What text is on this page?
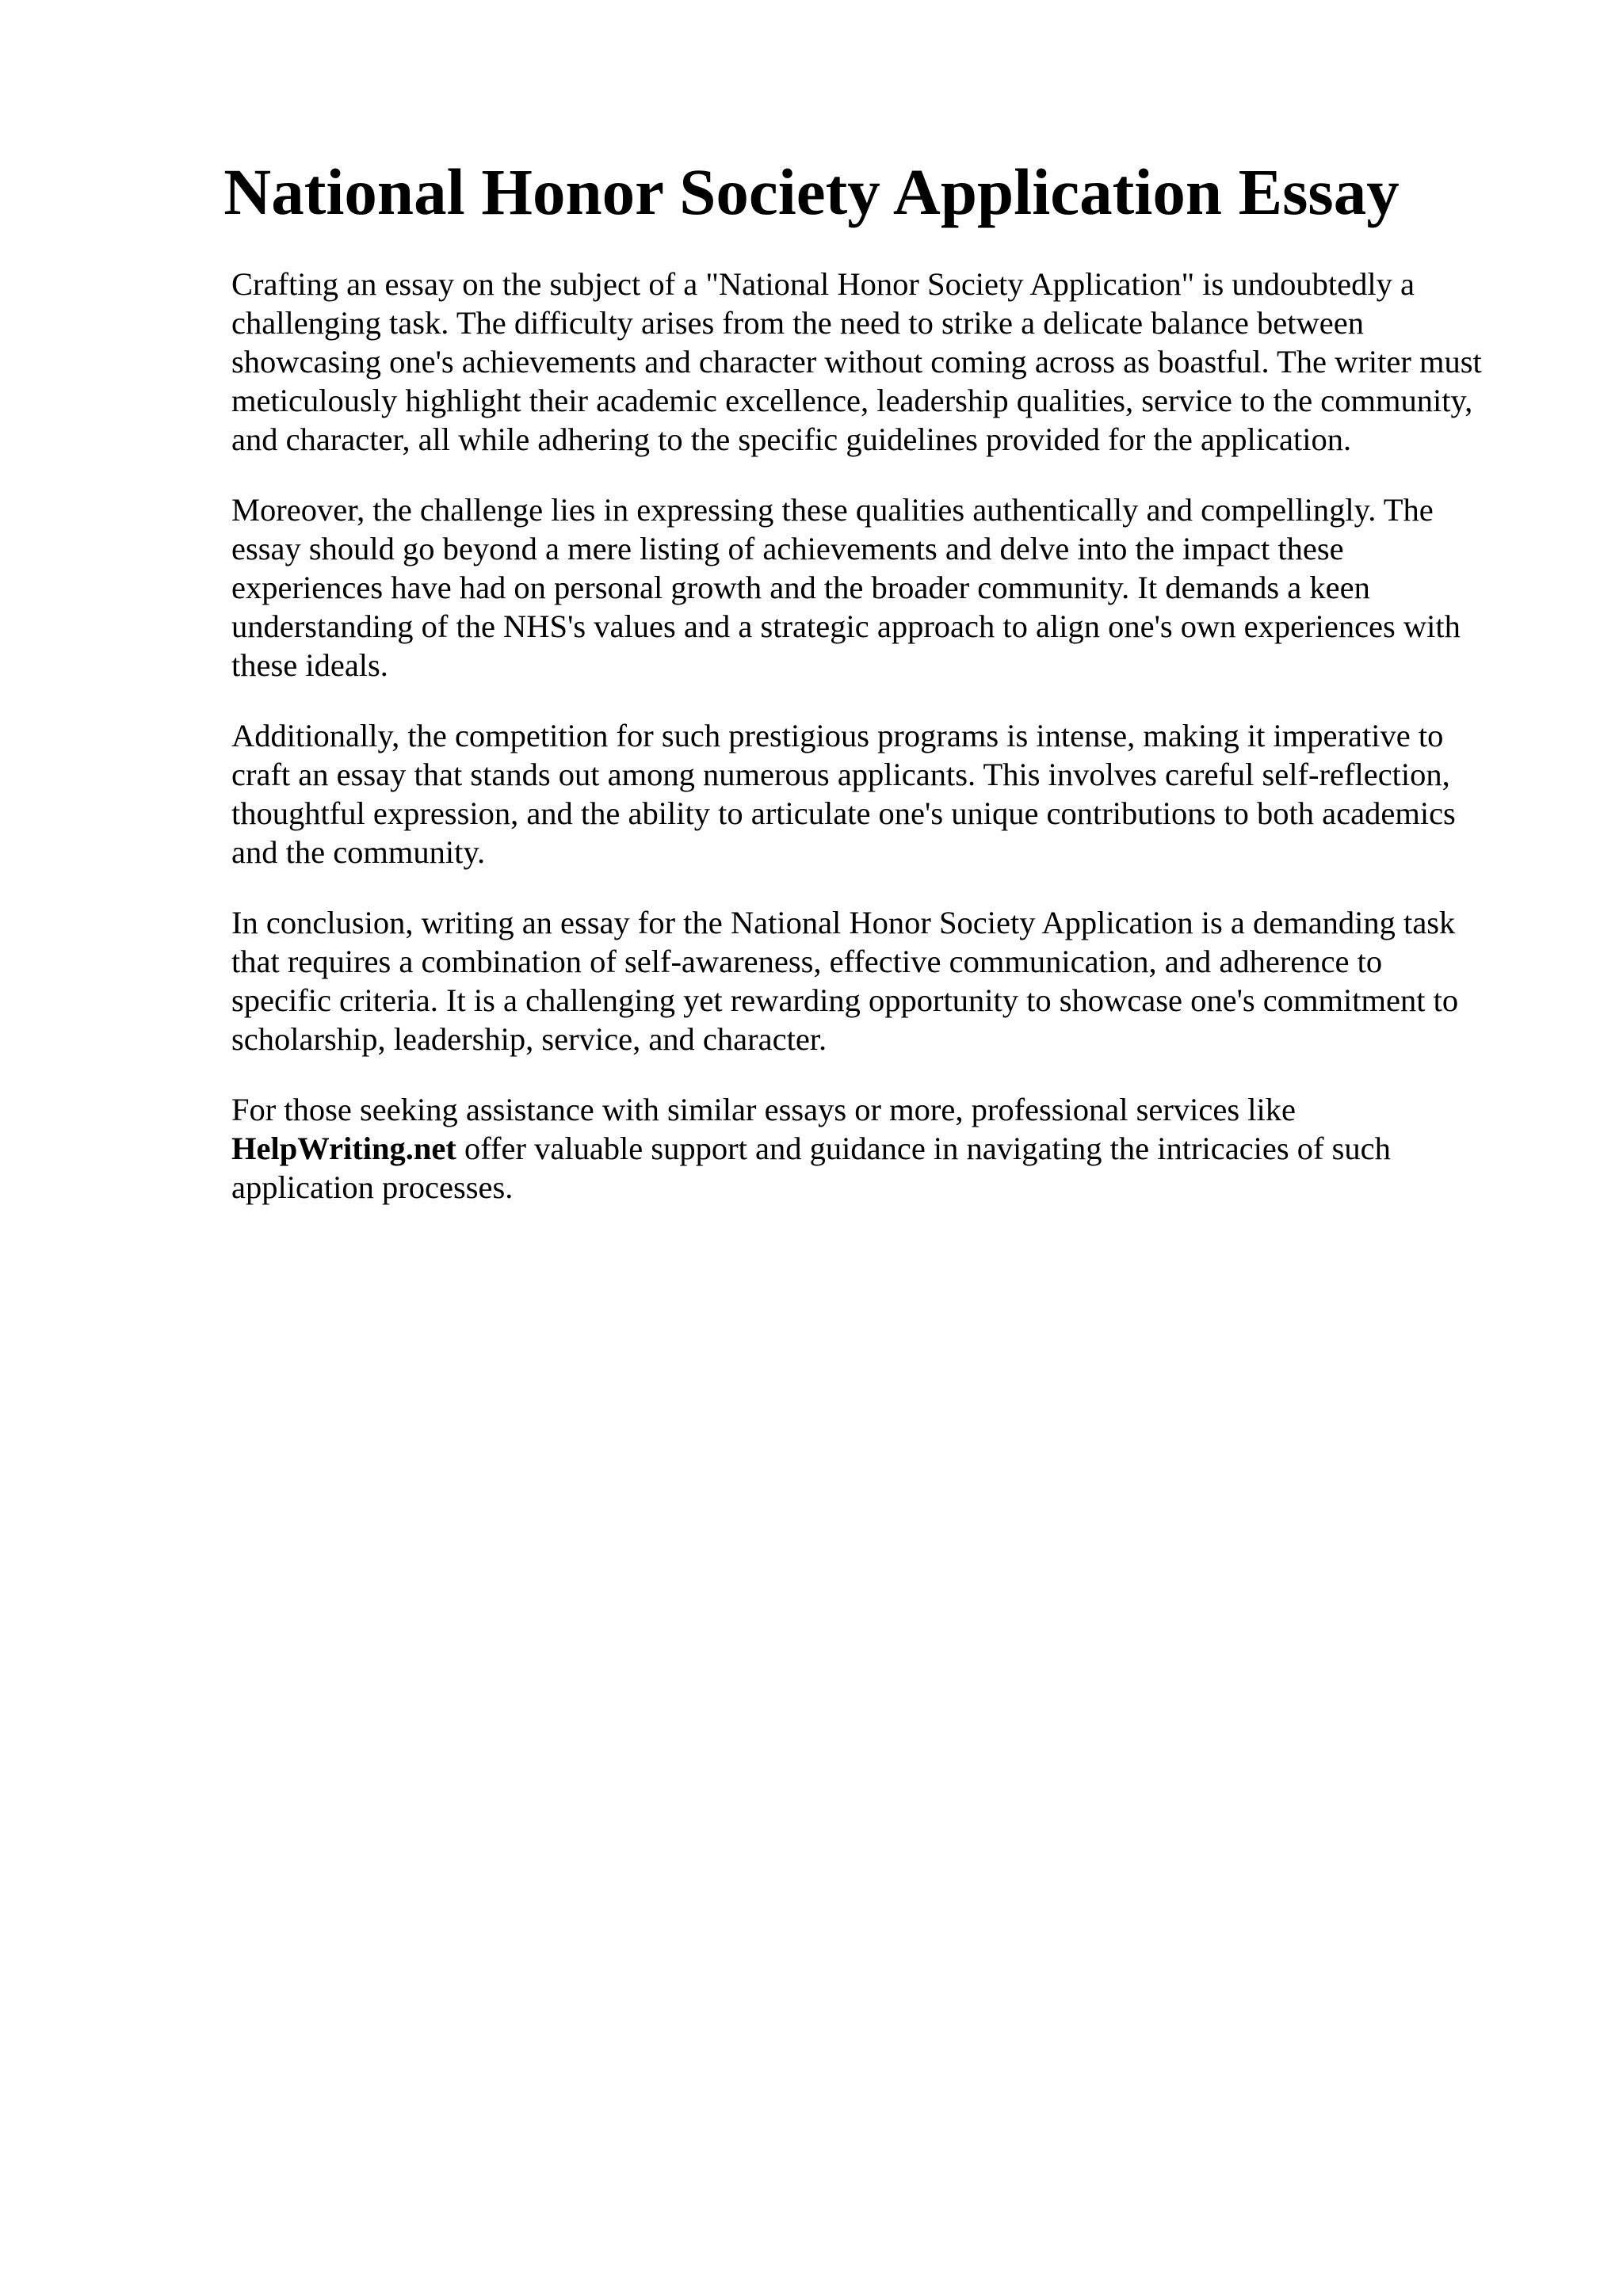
National Honor Society Application Essay

Crafting an essay on the subject of a "National Honor Society Application" is undoubtedly a
challenging task. The difficulty arises from the need to strike a delicate balance between
showcasing one's achievements and character without coming across as boastful. The writer must
meticulously highlight their academic excellence, leadership qualities, service to the community,
and character, all while adhering to the specific guidelines provided for the application.

Moreover, the challenge lies in expressing these qualities authentically and compellingly. The
essay should go beyond a mere listing of achievements and delve into the impact these
experiences have had on personal growth and the broader community. It demands a keen
understanding of the NHS's values and a strategic approach to align one's own experiences with
these ideals.

Additionally, the competition for such prestigious programs is intense, making it imperative to
craft an essay that stands out among numerous applicants. This involves careful self-reflection,
thoughtful expression, and the ability to articulate one's unique contributions to both academics
and the community.

In conclusion, writing an essay for the National Honor Society Application is a demanding task
that requires a combination of self-awareness, effective communication, and adherence to
specific criteria. It is a challenging yet rewarding opportunity to showcase one's commitment to
scholarship, leadership, service, and character.

For those seeking assistance with similar essays or more, professional services like
HelpWriting.net offer valuable support and guidance in navigating the intricacies of such
application processes.
